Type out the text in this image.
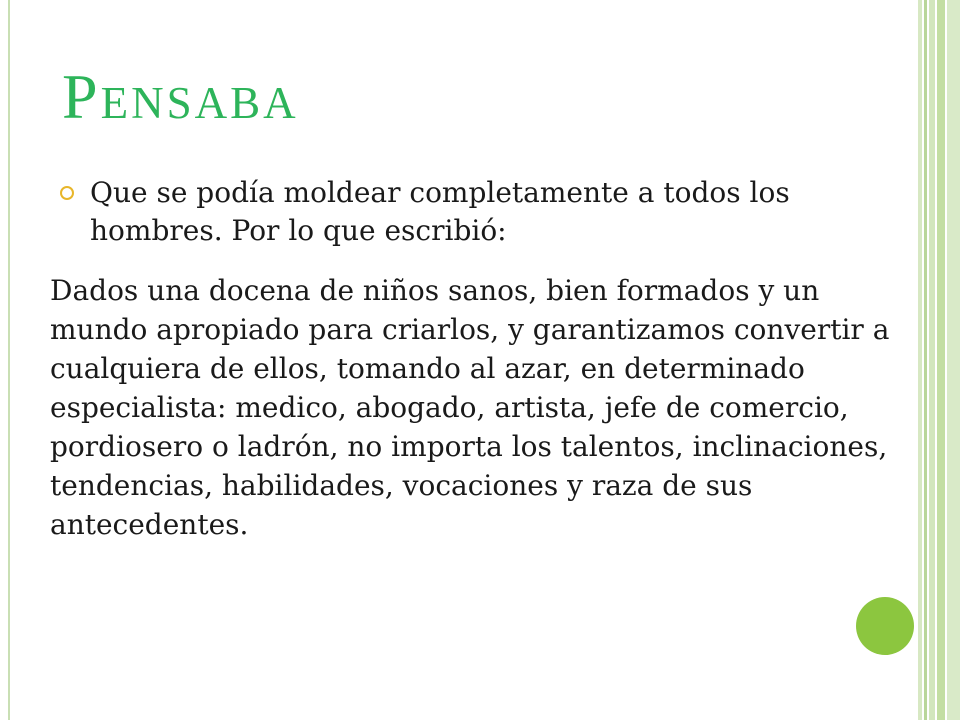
Pensaba

Que se podía moldear completamente a todos los hombres. Por lo que escribió:

Dados una docena de niños sanos, bien formados y un mundo apropiado para criarlos, y garantizamos convertir a cualquiera de ellos, tomando al azar, en determinado especialista: medico, abogado, artista, jefe de comercio, pordiosero o ladrón, no importa los talentos, inclinaciones, tendencias, habilidades, vocaciones y raza de sus antecedentes.
